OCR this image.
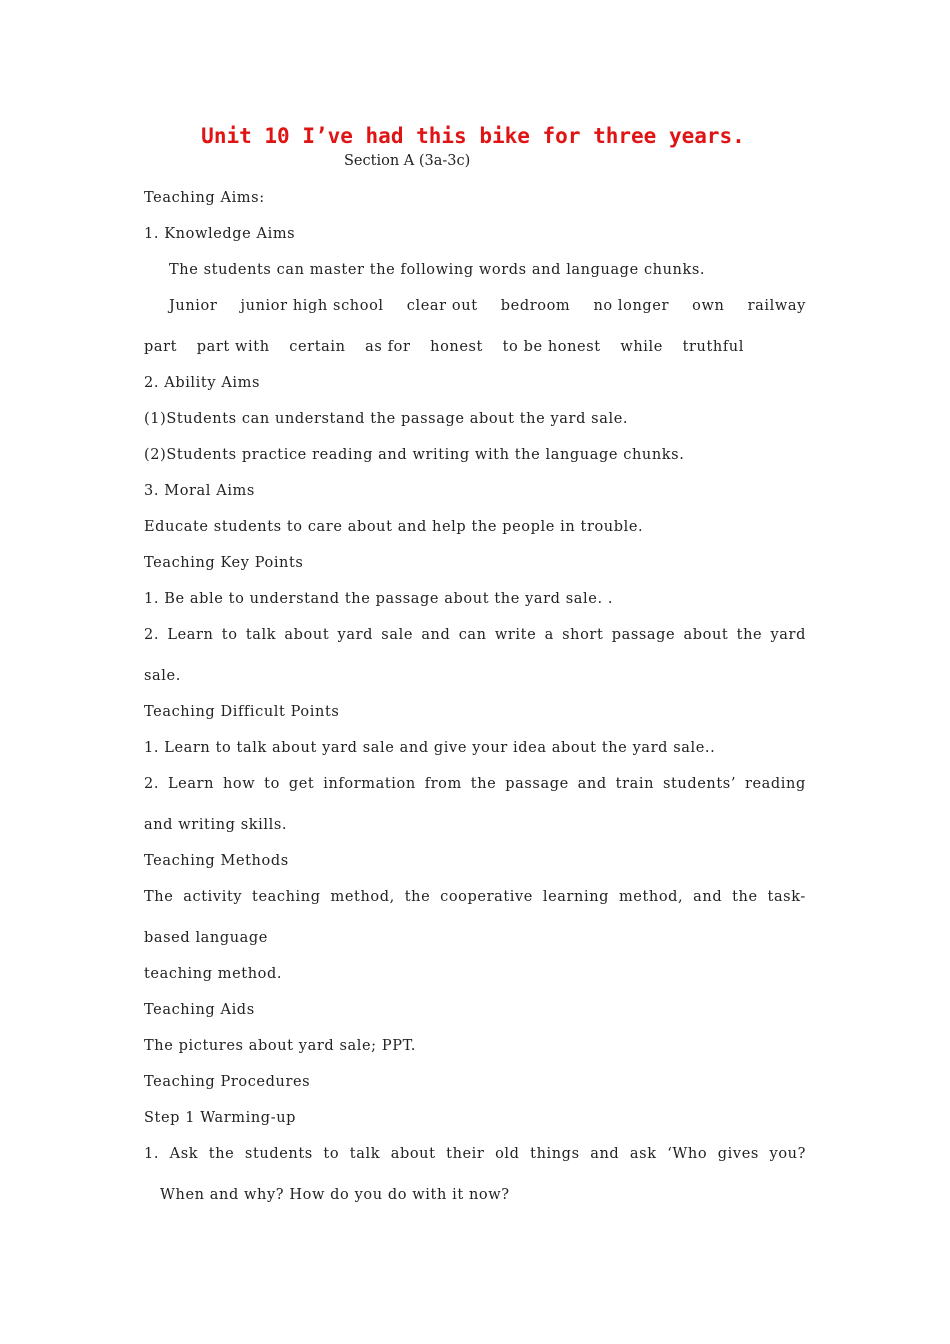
Unit 10 I’ve had this bike for three years.
Section A (3a-3c)
Teaching Aims:
1. Knowledge Aims
The students can master the following words and language chunks.
Junior junior high school clear out bedroom no longer own railway
part part with certain as for honest to be honest while truthful
2. Ability Aims
(1)Students can understand the passage about the yard sale.
(2)Students practice reading and writing with the language chunks.
3. Moral Aims
Educate students to care about and help the people in trouble.
Teaching Key Points
1. Be able to understand the passage about the yard sale. .
2. Learn to talk about yard sale and can write a short passage about the yard
sale.
Teaching Difficult Points
1. Learn to talk about yard sale and give your idea about the yard sale..
2. Learn how to get information from the passage and train students’ reading
and writing skills.
Teaching Methods
The activity teaching method, the cooperative learning method, and the task-
based language
teaching method.
Teaching Aids
The pictures about yard sale; PPT.
Teaching Procedures
Step 1 Warming-up
1. Ask the students to talk about their old things and ask ‘Who gives you?
When and why? How do you do with it now?
